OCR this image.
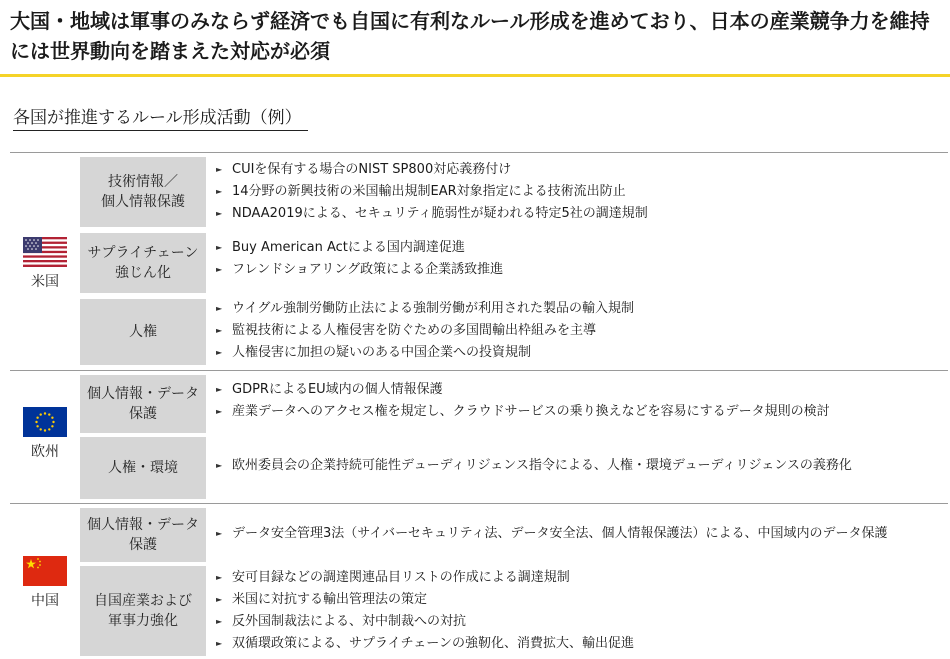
大国・地域は軍事のみならず経済でも自国に有利なルール形成を進めており、日本の産業競争力を維持には世界動向を踏まえた対応が必須
各国が推進するルール形成活動（例）
米国
技術情報／
個人情報保護
► CUIを保有する場合のNIST SP800対応義務付け
► 14分野の新興技術の米国輸出規制EAR対象指定による技術流出防止
► NDAA2019による、セキュリティ脆弱性が疑われる特定5社の調達規制
サプライチェーン
強じん化
► Buy American Actによる国内調達促進
► フレンドショアリング政策による企業誘致推進
人権
► ウイグル強制労働防止法による強制労働が利用された製品の輸入規制
► 監視技術による人権侵害を防ぐための多国間輸出枠組みを主導
► 人権侵害に加担の疑いのある中国企業への投資規制
欧州
個人情報・データ
保護
► GDPRによるEU域内の個人情報保護
► 産業データへのアクセス権を規定し、クラウドサービスの乗り換えなどを容易にするデータ規則の検討
人権・環境
►	欧州委員会の企業持続可能性デューディリジェンス指令による、人権・環境デューディリジェンスの義務化
中国
個人情報・データ
保護
► データ安全管理3法（サイバーセキュリティ法、データ安全法、個人情報保護法）による、中国域内のデータ保護
自国産業および
軍事力強化
► 安可目録などの調達関連品目リストの作成による調達規制
► 米国に対抗する輸出管理法の策定
► 反外国制裁法による、対中制裁への対抗
► 双循環政策による、サプライチェーンの強靭化、消費拡大、輸出促進
